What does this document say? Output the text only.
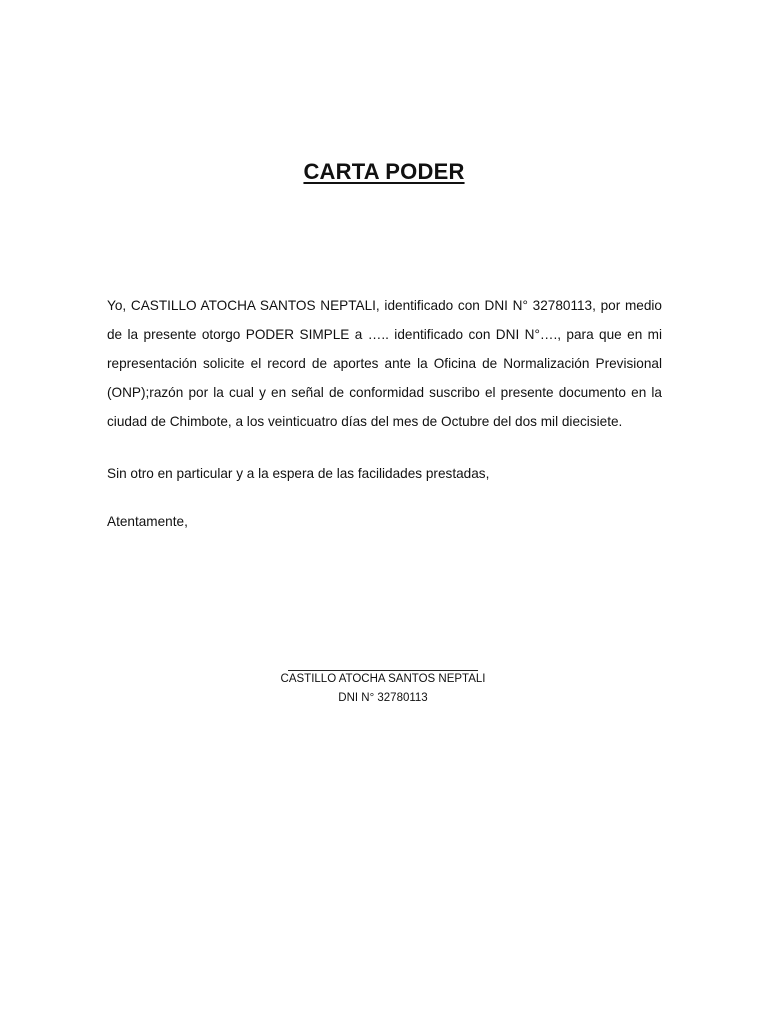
CARTA PODER
Yo, CASTILLO ATOCHA SANTOS NEPTALI, identificado con DNI N° 32780113, por medio de la presente otorgo PODER SIMPLE a ….. identificado con DNI N°…., para que en mi representación solicite el record de aportes ante la Oficina de Normalización Previsional (ONP);razón por la cual y en señal de conformidad suscribo el presente documento en la ciudad de Chimbote, a los veinticuatro días del mes de Octubre del dos mil diecisiete.
Sin otro en particular y a la espera de las facilidades prestadas,
Atentamente,
CASTILLO ATOCHA SANTOS NEPTALI
DNI N° 32780113
